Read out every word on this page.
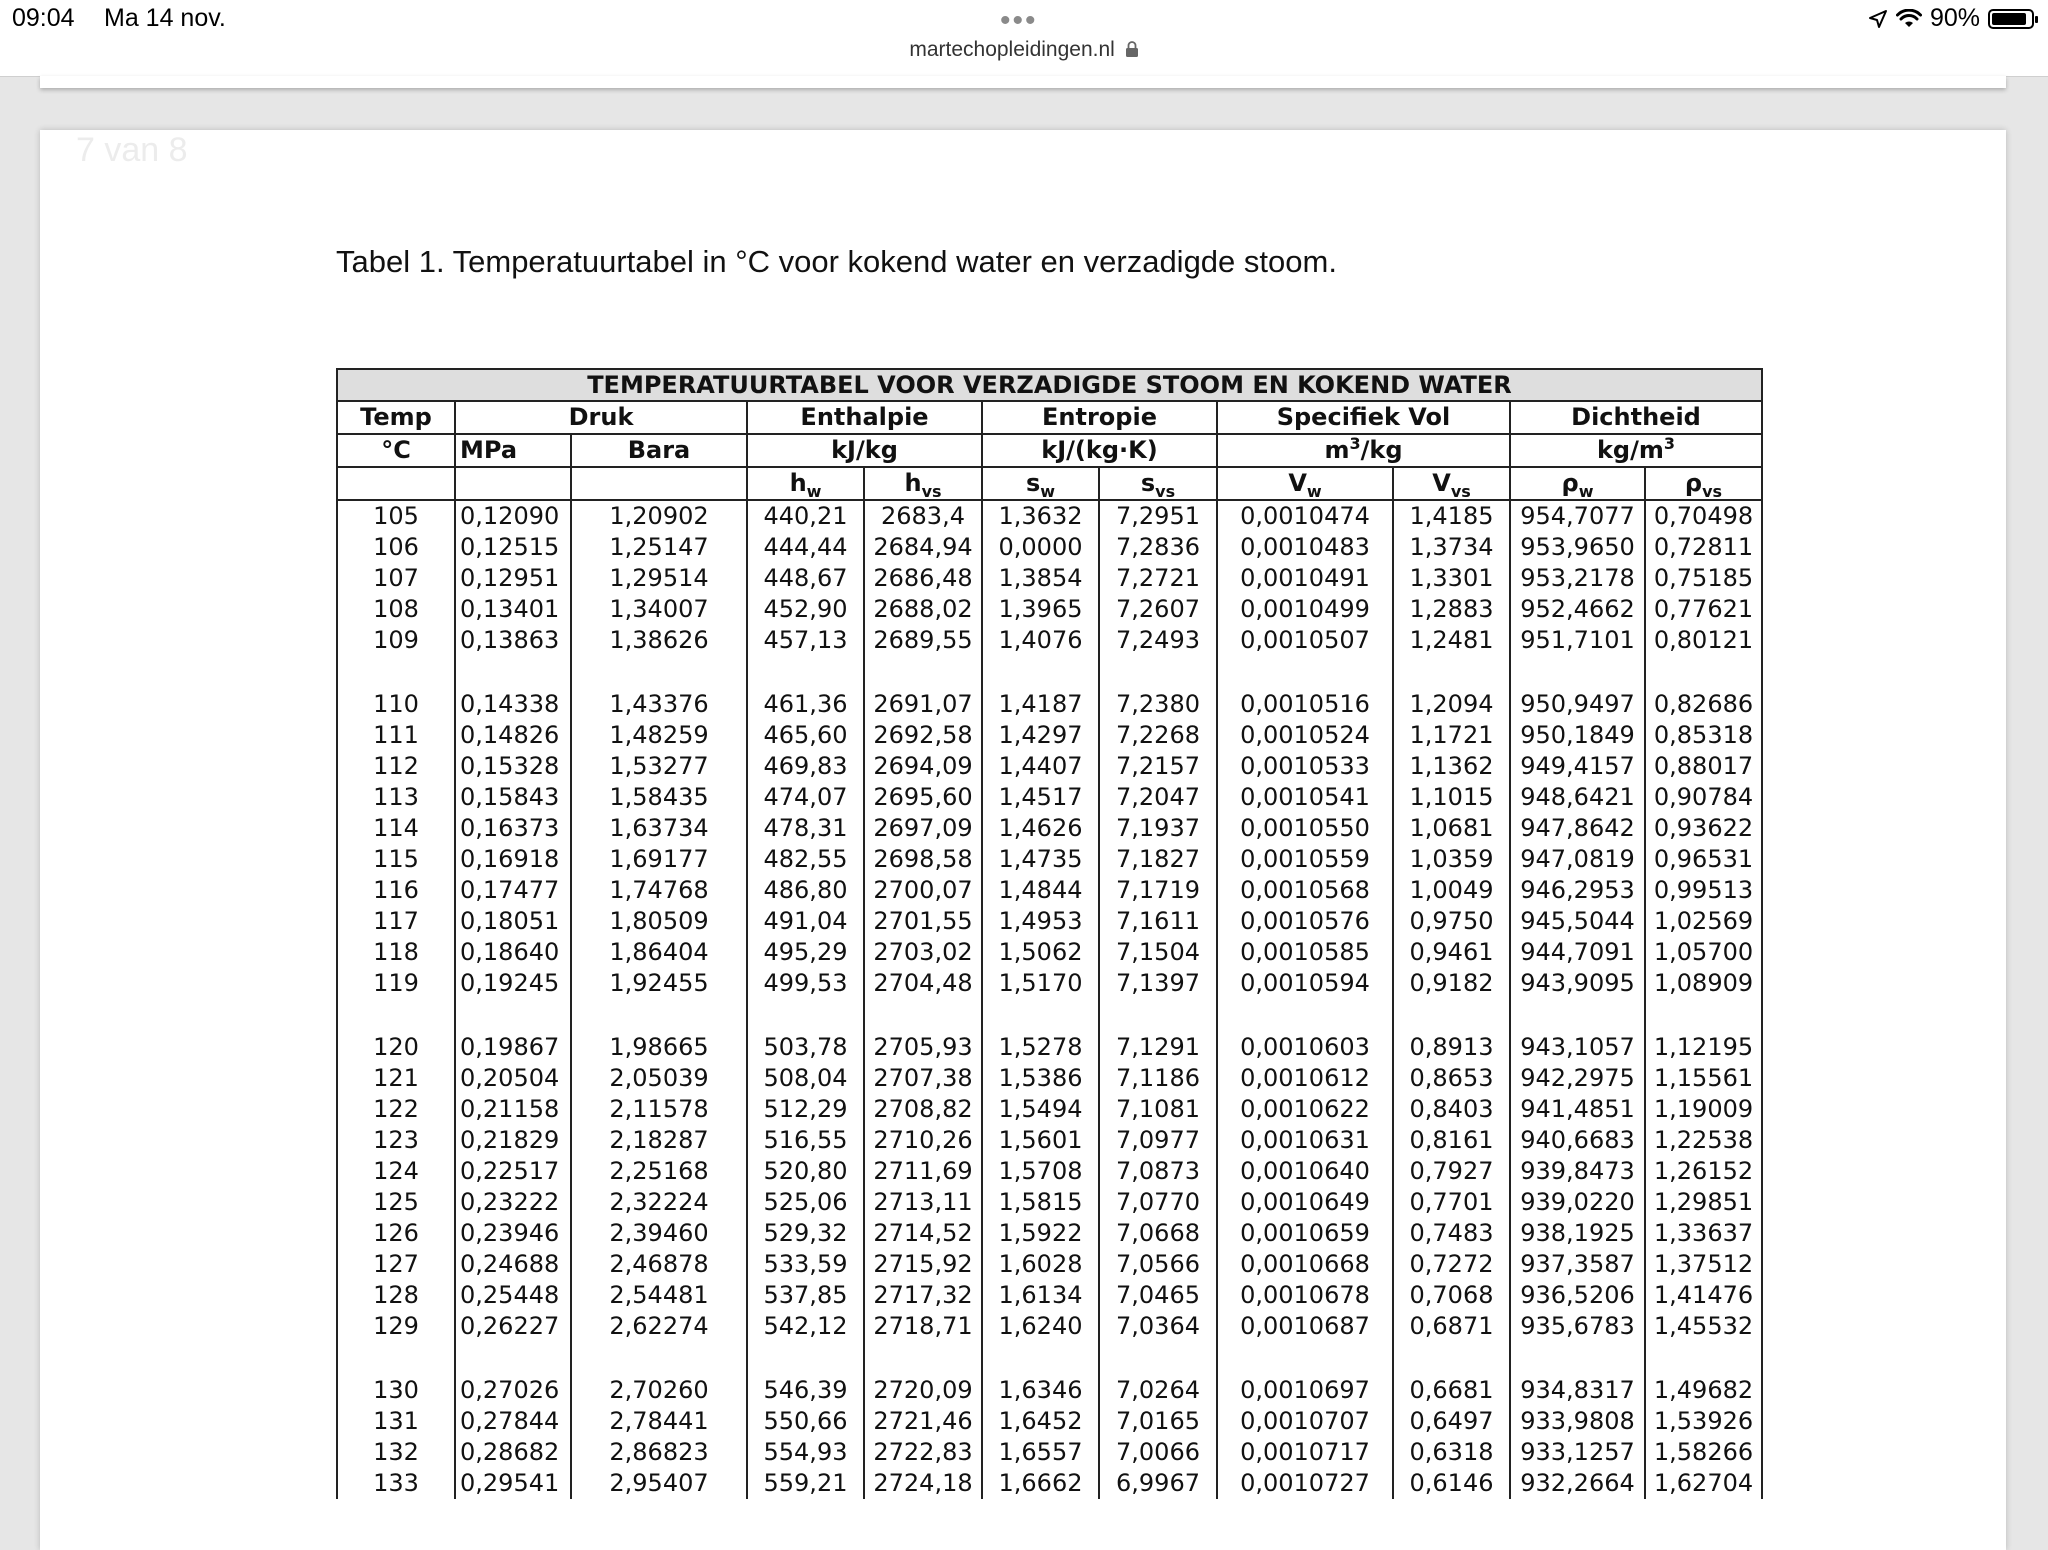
09:04 Ma 14 nov.	•••
martechopleidingen.nl
90%
7 van 8
Tabel 1. Temperatuurtabel in °C voor kokend water en verzadigde stoom.
TEMPERATUURTABEL VOOR VERZADIGDE STOOM EN KOKEND WATER										
Temp	Druk		Enthalpie		Entropie		Specifiek Vol		Dichtheid	
°C	MPa	Bara	kJ/kg		kJ/(kg·K)		$m^3/kg$		$kg/m^3$
			$h_w$	$h_{vs}$	$s_w$	$s_{vs}$	$V_w$	$V_{vs}$	$\rho_w$	$\rho_{vs}$
105	0,12090	1,20902	440,21	2683,4	1,3632	7,2951	0,0010474	1,4185	954,7077	0,70498
106	0,12515	1,25147	444,44	2684,94	0,0000	7,2836	0,0010483	1,3734	953,9650	0,72811
107	0,12951	1,29514	448,67	2686,48	1,3854	7,2721	0,0010491	1,3301	953,2178	0,75185
108	0,13401	1,34007	452,90	2688,02	1,3965	7,2607	0,0010499	1,2883	952,4662	0,77621
109	0,13863	1,38626	457,13	2689,55	1,4076	7,2493	0,0010507	1,2481	951,7101	0,80121

110	0,14338	1,43376	461,36	2691,07	1,4187	7,2380	0,0010516	1,2094	950,9497	0,82686
111	0,14826	1,48259	465,60	2692,58	1,4297	7,2268	0,0010524	1,1721	950,1849	0,85318
112	0,15328	1,53277	469,83	2694,09	1,4407	7,2157	0,0010533	1,1362	949,4157	0,88017
113	0,15843	1,58435	474,07	2695,60	1,4517	7,2047	0,0010541	1,1015	948,6421	0,90784
114	0,16373	1,63734	478,31	2697,09	1,4626	7,1937	0,0010550	1,0681	947,8642	0,93622
115	0,16918	1,69177	482,55	2698,58	1,4735	7,1827	0,0010559	1,0359	947,0819	0,96531
116	0,17477	1,74768	486,80	2700,07	1,4844	7,1719	0,0010568	1,0049	946,2953	0,99513
117	0,18051	1,80509	491,04	2701,55	1,4953	7,1611	0,0010576	0,9750	945,5044	1,02569
118	0,18640	1,86404	495,29	2703,02	1,5062	7,1504	0,0010585	0,9461	944,7091	1,05700
119	0,19245	1,92455	499,53	2704,48	1,5170	7,1397	0,0010594	0,9182	943,9095	1,08909

120	0,19867	1,98665	503,78	2705,93	1,5278	7,1291	0,0010603	0,8913	943,1057	1,12195
121	0,20504	2,05039	508,04	2707,38	1,5386	7,1186	0,0010612	0,8653	942,2975	1,15561
122	0,21158	2,11578	512,29	2708,82	1,5494	7,1081	0,0010622	0,8403	941,4851	1,19009
123	0,21829	2,18287	516,55	2710,26	1,5601	7,0977	0,0010631	0,8161	940,6683	1,22538
124	0,22517	2,25168	520,80	2711,69	1,5708	7,0873	0,0010640	0,7927	939,8473	1,26152
125	0,23222	2,32224	525,06	2713,11	1,5815	7,0770	0,0010649	0,7701	939,0220	1,29851
126	0,23946	2,39460	529,32	2714,52	1,5922	7,0668	0,0010659	0,7483	938,1925	1,33637
127	0,24688	2,46878	533,59	2715,92	1,6028	7,0566	0,0010668	0,7272	937,3587	1,37512
128	0,25448	2,54481	537,85	2717,32	1,6134	7,0465	0,0010678	0,7068	936,5206	1,41476
129	0,26227	2,62274	542,12	2718,71	1,6240	7,0364	0,0010687	0,6871	935,6783	1,45532

130	0,27026	2,70260	546,39	2720,09	1,6346	7,0264	0,0010697	0,6681	934,8317	1,49682
131	0,27844	2,78441	550,66	2721,46	1,6452	7,0165	0,0010707	0,6497	933,9808	1,53926
132	0,28682	2,86823	554,93	2722,83	1,6557	7,0066	0,0010717	0,6318	933,1257	1,58266
133	0,29541	2,95407	559,21	2724,18	1,6662	6,9967	0,0010727	0,6146	932,2664	1,62704
